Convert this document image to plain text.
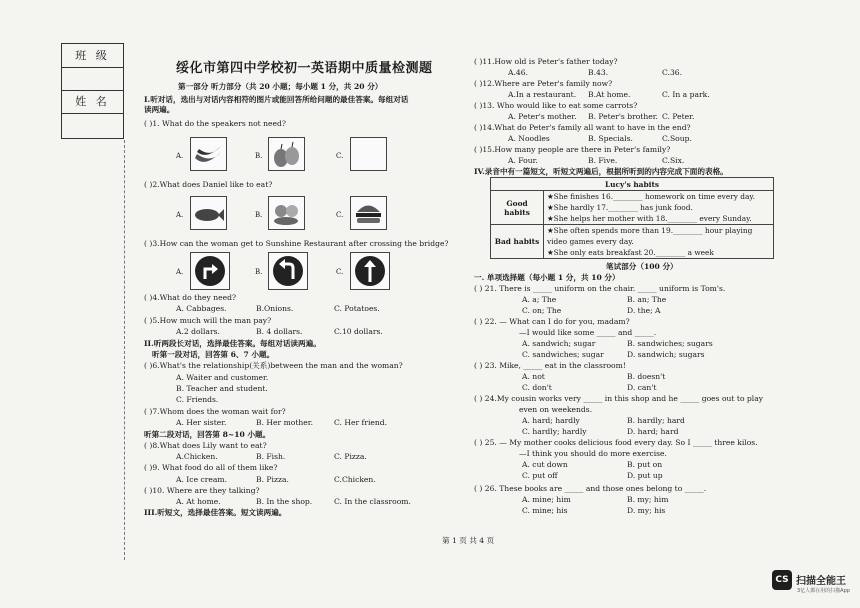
班 级
姓 名
绥化市第四中学校初一英语期中质量检测题
第一部分 听力部分（共 20 小题；每小题 1 分，共 20 分）
I.听对话，选出与对话内容相符的图片或能回答所给问题的最佳答案。每组对话
读两遍。
( )1. What do the speakers not need?
A.	B.	C.
( )2.What does Daniel like to eat?
A.	B.	C.
( )3.How can the woman get to Sunshine Restaurant after crossing the bridge?
A.	B.	C.
( )4.What do they need?
A. Cabbages.	B.Onions.	C. Potatoes.
( )5.How much will the man pay?
A.2 dollars.	B. 4 dollars.	C.10 dollars.
II.听两段长对话，选择最佳答案。每组对话读两遍。
听第一段对话，回答第 6、7 小题。
( )6.What's the relationship(关系)between the man and the woman?
A. Waiter and customer.
B. Teacher and student.
C. Friends.
( )7.Whom does the woman wait for?
A. Her sister.	B. Her mother.	C. Her friend.
听第二段对话，回答第 8~10 小题。
( )8.What does Lily want to eat?
A.Chicken.	B. Fish.	C. Pizza.
( )9. What food do all of them like?
A. Ice cream.	B. Pizza.	C.Chicken.
( )10. Where are they talking?
A. At home.	B. In the shop.	C. In the classroom.
III.听短文，选择最佳答案。短文读两遍。
( )11.How old is Peter's father today?
A.46.	B.43.	C.36.
( )12.Where are Peter's family now?
A.In a restaurant. B.At home.	C. In a park.
( )13. Who would like to eat some carrots?
A. Peter's mother. B. Peter's brother. C. Peter.
( )14.What do Peter's family all want to have in the end?
A. Noodles	B. Specials.	C.Soup.
( )15.How many people are there in Peter's family?
A. Four.	B. Five.	C.Six.
IV.录音中有一篇短文，听短文两遍后，根据所听到的内容完成下面的表格。
Lucy's habits	
Good habits	★She finishes 16.________ homework on time every day.
★She hardly 17.________ has junk food.
★She helps her mother with 18.________ every Sunday.

Bad habits	★She often spends more than 19.________ hour playing video games every day.
★She only eats breakfast 20.________ a week
笔试部分（100 分）
一. 单项选择题（每小题 1 分，共 10 分）
( ) 21. There is _____ uniform on the chair. _____ uniform is Tom's.
A. a; The	B. an; The
C. on; The	D. the; A
( ) 22. — What can I do for you, madam?
—I would like some _____ and _____.
A. sandwich; sugar	B. sandwiches; sugars
C. sandwiches; sugar	D. sandwich; sugars
( ) 23. Mike, _____ eat in the classroom!
A. not	B. doesn't
C. don't	D. can't
( ) 24.My cousin works very _____ in this shop and he _____ goes out to play
even on weekends.
A. hard; hardly	B. hardly; hard
C. hardly; hardly	D. hard; hard
( ) 25. — My mother cooks delicious food every day. So I _____ three kilos.
—I think you should do more exercise.
A. cut down	B. put on
C. put off	D. put up
( ) 26. These books are _____ and those ones belong to _____.
A. mine; him	B. my; him
C. mine; his	D. my; his
第 1 页 共 4 页
CS 扫描全能王
3亿人都在用的扫描App
